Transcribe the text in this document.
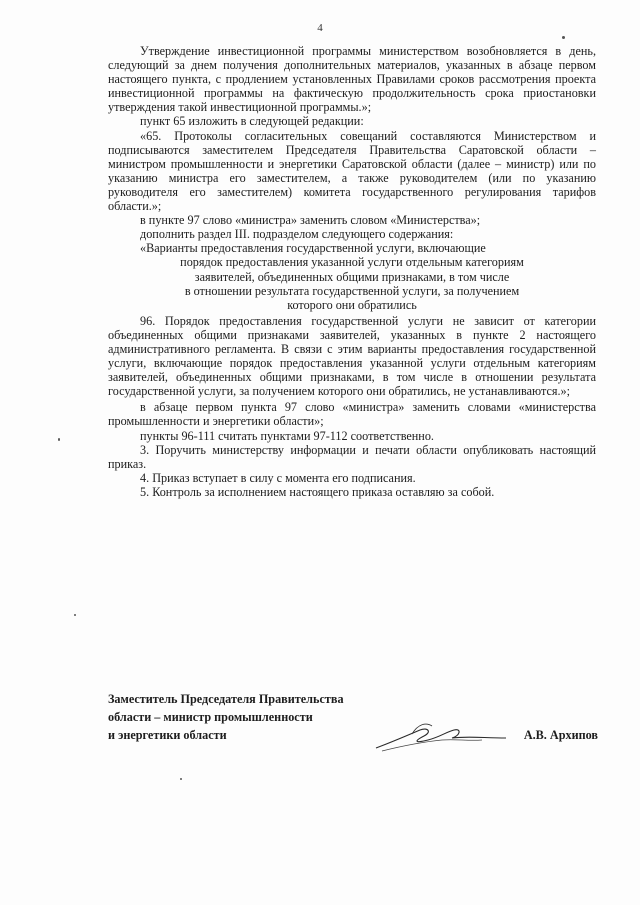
4

Утверждение инвестиционной программы министерством возобновляется в день, следующий за днем получения дополнительных материалов, указанных в абзаце первом настоящего пункта, с продлением установленных Правилами сроков рассмотрения проекта инвестиционной программы на фактическую продолжительность срока приостановки утверждения такой инвестиционной программы.»;

пункт 65 изложить в следующей редакции:

«65. Протоколы согласительных совещаний составляются Министерством и подписываются заместителем Председателя Правительства Саратовской области – министром промышленности и энергетики Саратовской области (далее – министр) или по указанию министра его заместителем, а также руководителем (или по указанию руководителя его заместителем) комитета государственного регулирования тарифов области.»;

в пункте 97 слово «министра» заменить словом «Министерства»;

дополнить раздел III. подразделом следующего содержания:

«Варианты предоставления государственной услуги, включающие

порядок предоставления указанной услуги отдельным категориям

заявителей, объединенных общими признаками, в том числе

в отношении результата государственной услуги, за получением

которого они обратились

96. Порядок предоставления государственной услуги не зависит от категории объединенных общими признаками заявителей, указанных в пункте 2 настоящего административного регламента. В связи с этим варианты предоставления государственной услуги, включающие порядок предоставления указанной услуги отдельным категориям заявителей, объединенных общими признаками, в том числе в отношении результата государственной услуги, за получением которого они обратились, не устанавливаются.»;

в абзаце первом пункта 97 слово «министра» заменить словами «министерства промышленности и энергетики области»;

пункты 96-111 считать пунктами 97-112 соответственно.

3. Поручить министерству информации и печати области опубликовать настоящий приказ.

4. Приказ вступает в силу с момента его подписания.

5. Контроль за исполнением настоящего приказа оставляю за собой.

Заместитель Председателя Правительства
области – министр промышленности
и энергетики области	А.В. Архипов
